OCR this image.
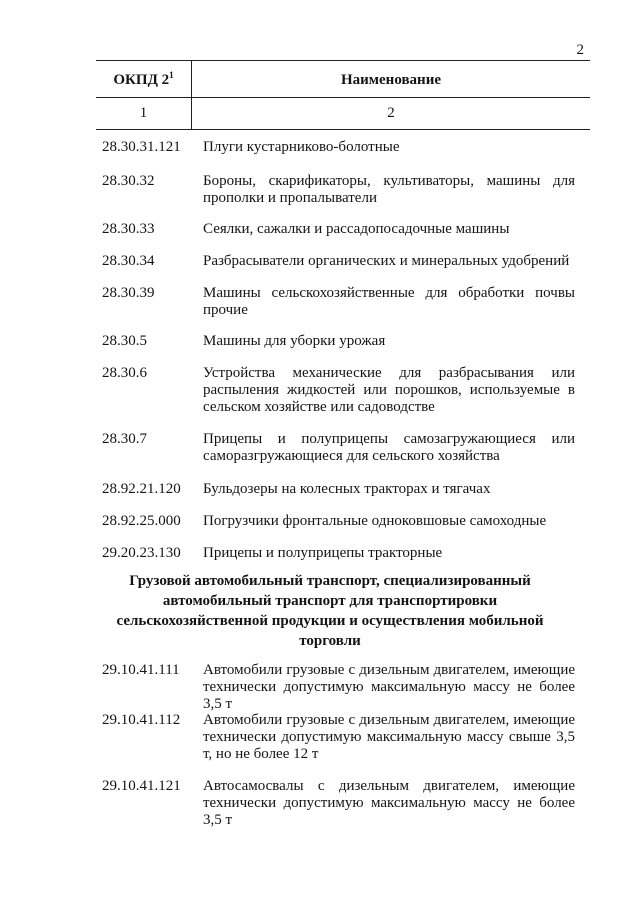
2
ОКПД $2^1$	Наименование
1	2
28.30.31.121	Плуги кустарниково-болотные
28.30.32	Бороны, скарификаторы, культиваторы, машины для прополки и пропалыватели
28.30.33	Сеялки, сажалки и рассадопосадочные машины
28.30.34	Разбрасыватели органических и минеральных удобрений
28.30.39	Машины сельскохозяйственные для обработки почвы прочие
28.30.5	Машины для уборки урожая
28.30.6	Устройства механические для разбрасывания или распыления жидкостей или порошков, используемые в сельском хозяйстве или садоводстве
28.30.7	Прицепы и полуприцепы самозагружающиеся или саморазгружающиеся для сельского хозяйства
28.92.21.120	Бульдозеры на колесных тракторах и тягачах
28.92.25.000	Погрузчики фронтальные одноковшовые самоходные
29.20.23.130	Прицепы и полуприцепы тракторные
Грузовой автомобильный транспорт, специализированный автомобильный транспорт для транспортировки сельскохозяйственной продукции и осуществления мобильной торговли
29.10.41.111	Автомобили грузовые с дизельным двигателем, имеющие технически допустимую максимальную массу не более 3,5 т
29.10.41.112	Автомобили грузовые с дизельным двигателем, имеющие технически допустимую максимальную массу свыше 3,5 т, но не более 12 т
29.10.41.121	Автосамосвалы с дизельным двигателем, имеющие технически допустимую максимальную массу не более 3,5 т
